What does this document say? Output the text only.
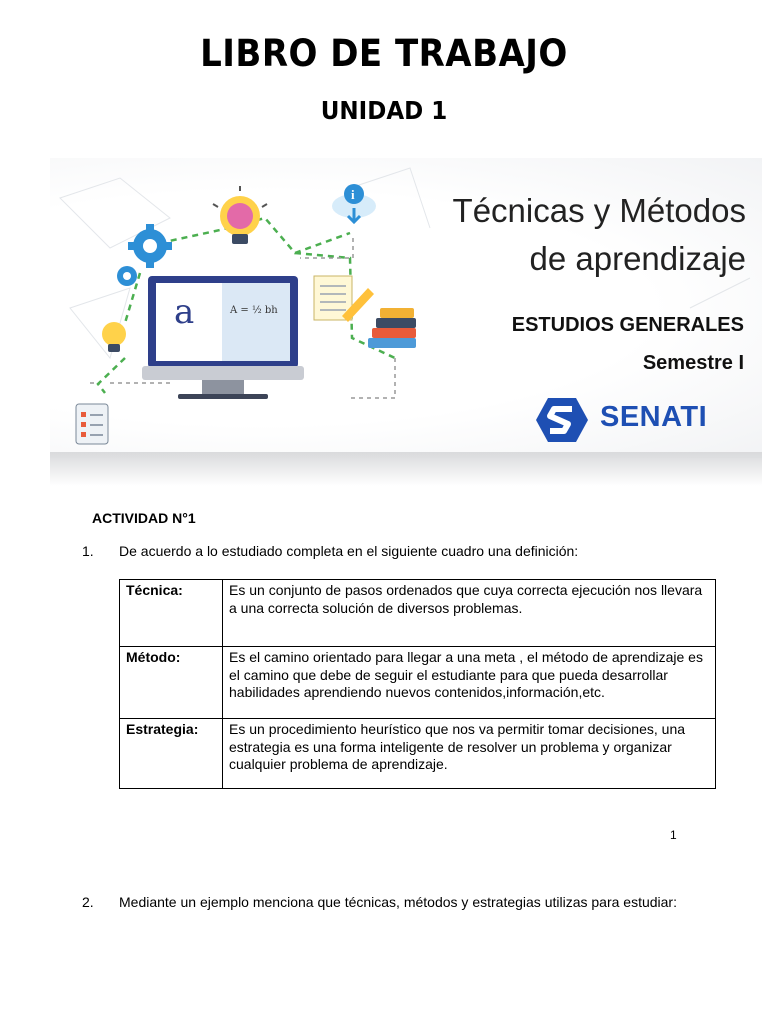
LIBRO DE TRABAJO
UNIDAD 1
i
a	A = ½ bh
Técnicas y Métodos
de aprendizaje
ESTUDIOS GENERALES
Semestre I
SENATI
ACTIVIDAD N°1
1. De acuerdo a lo estudiado completa en el siguiente cuadro una definición:
Técnica:	Es un conjunto de pasos ordenados que cuya correcta ejecución nos llevara a una correcta solución de diversos problemas.
Método:	Es el camino orientado para llegar a una meta , el método de aprendizaje es el camino que debe de seguir el estudiante para que pueda desarrollar habilidades aprendiendo nuevos contenidos,información,etc.
Estrategia:	Es un procedimiento heurístico que nos va permitir tomar decisiones, una estrategia es una forma inteligente de resolver un problema y organizar cualquier problema de aprendizaje.
1
2. Mediante un ejemplo menciona que técnicas, métodos y estrategias utilizas para estudiar:
